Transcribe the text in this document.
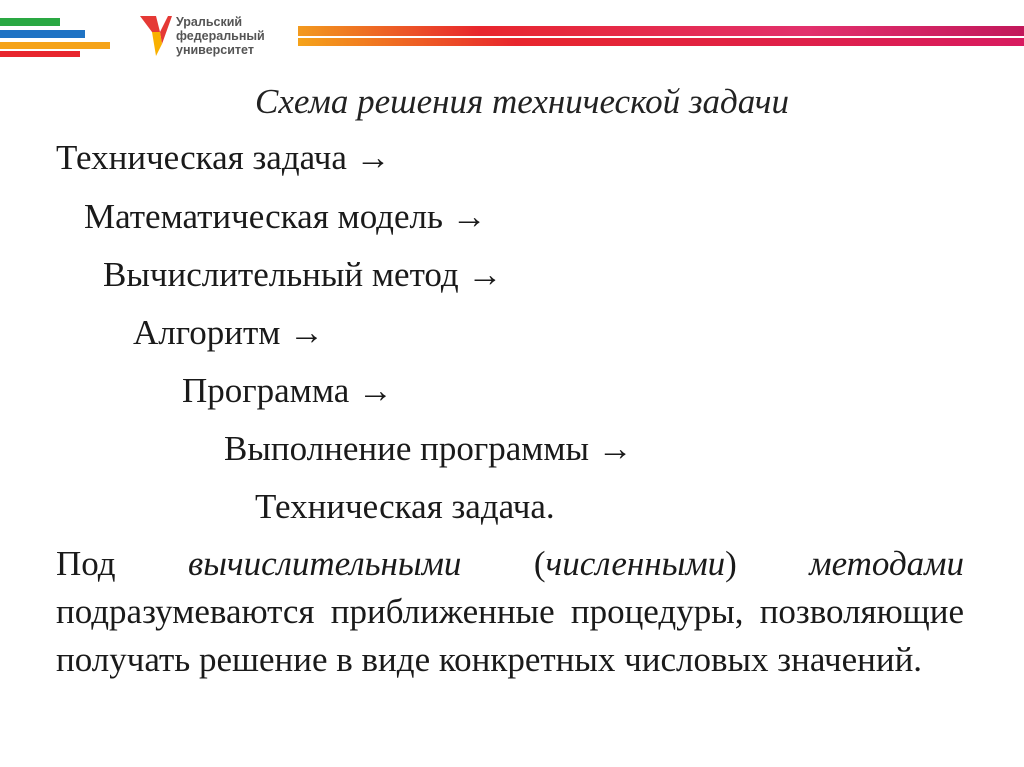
Уральский
федеральный
университет
Схема решения технической задачи
Техническая задача →
Математическая модель →
Вычислительный метод →
Алгоритм →
Программа →
Выполнение программы →
Техническая задача.
Под вычислительными (численными) методами подразумеваются приближенные процедуры, позволяющие получать решение в виде конкретных числовых значений.
